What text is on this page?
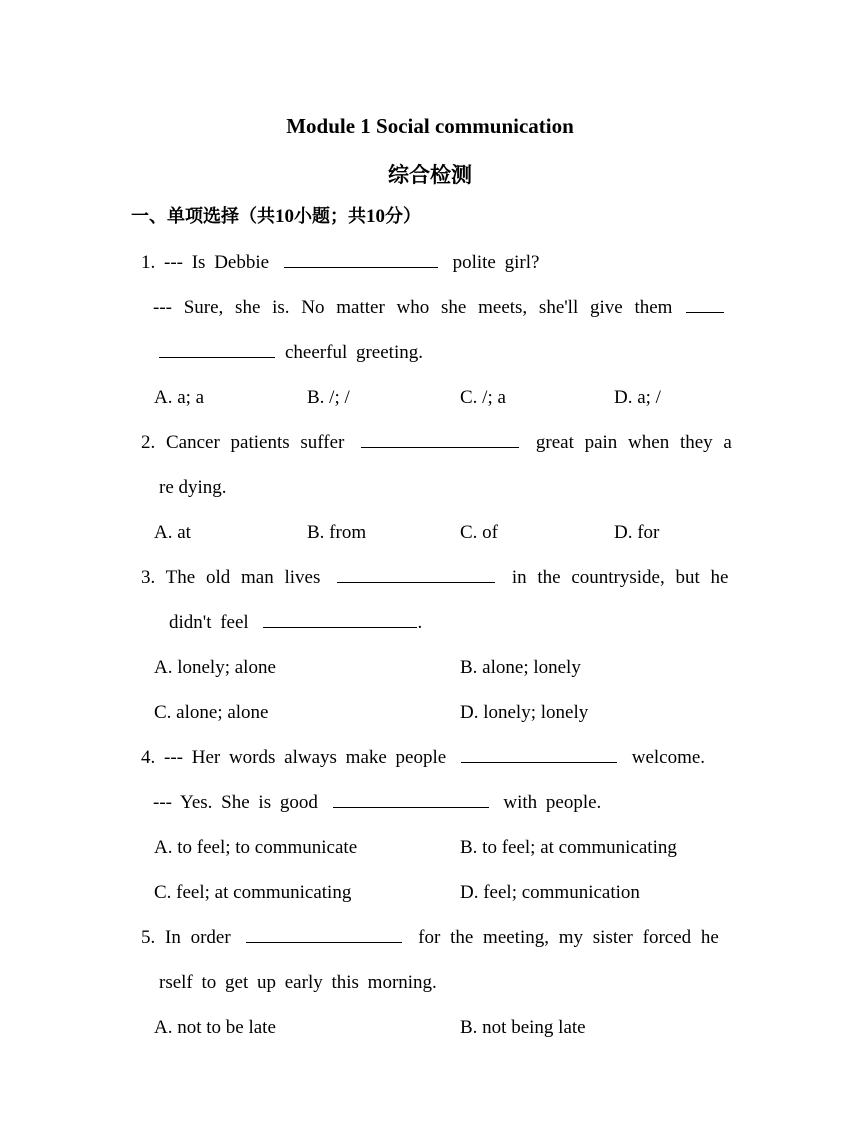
Module 1 Social communication
综合检测
一、单项选择（共10小题；共10分）
1. --- Is Debbie	polite girl?
--- Sure, she is. No matter who she meets, she'll give them
cheerful greeting.
A. a; a	B. /; /	C. /; a	D. a; /
2. Cancer patients suffer	great pain when they a
re dying.
A. at	B. from	C. of	D. for
3. The old man lives	in the countryside, but he
didn't feel	.
A. lonely; alone	B. alone; lonely
C. alone; alone	D. lonely; lonely
4. --- Her words always make people	welcome.
--- Yes. She is good	with people.
A. to feel; to communicate	B. to feel; at communicating
C. feel; at communicating	D. feel; communication
5. In order	for the meeting, my sister forced he
rself to get up early this morning.
A. not to be late	B. not being late
